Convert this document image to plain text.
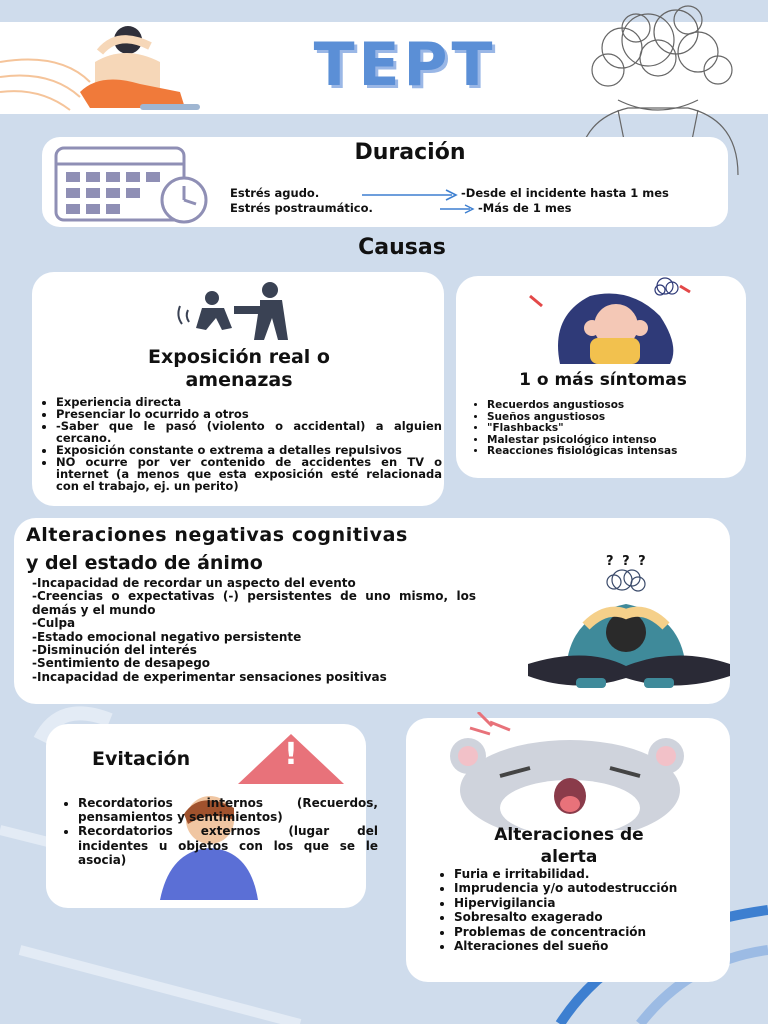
TEPT
Duración
Estrés agudo.	-Desde el incidente hasta 1 mes
Estrés postraumático.	-Más de 1 mes
Causas
Exposición real o
amenazas
• Experiencia directa
• Presenciar lo ocurrido a otros
• -Saber que le pasó (violento o accidental) a alguien cercano.
• Exposición constante o extrema a detalles repulsivos
• NO ocurre por ver contenido de accidentes en TV o internet (a menos que esta exposición esté relacionada con el trabajo, ej. un perito)
1 o más síntomas
• Recuerdos angustiosos
• Sueños angustiosos
• "Flashbacks"
• Malestar psicológico intenso
• Reacciones fisiológicas intensas
Alteraciones negativas cognitivas
y del estado de ánimo
-Incapacidad de recordar un aspecto del evento
-Creencias o expectativas (-) persistentes de uno mismo, los demás y el mundo
-Culpa
-Estado emocional negativo persistente
-Disminución del interés
-Sentimiento de desapego
-Incapacidad de experimentar sensaciones positivas
? ? ?
Evitación	!
• Recordatorios internos (Recuerdos, pensamientos y sentimientos)
• Recordatorios externos (lugar del incidentes u objetos con los que se le asocia)
Alteraciones de
alerta
• Furia e irritabilidad.
• Imprudencia y/o autodestrucción
• Hipervigilancia
• Sobresalto exagerado
• Problemas de concentración
• Alteraciones del sueño
